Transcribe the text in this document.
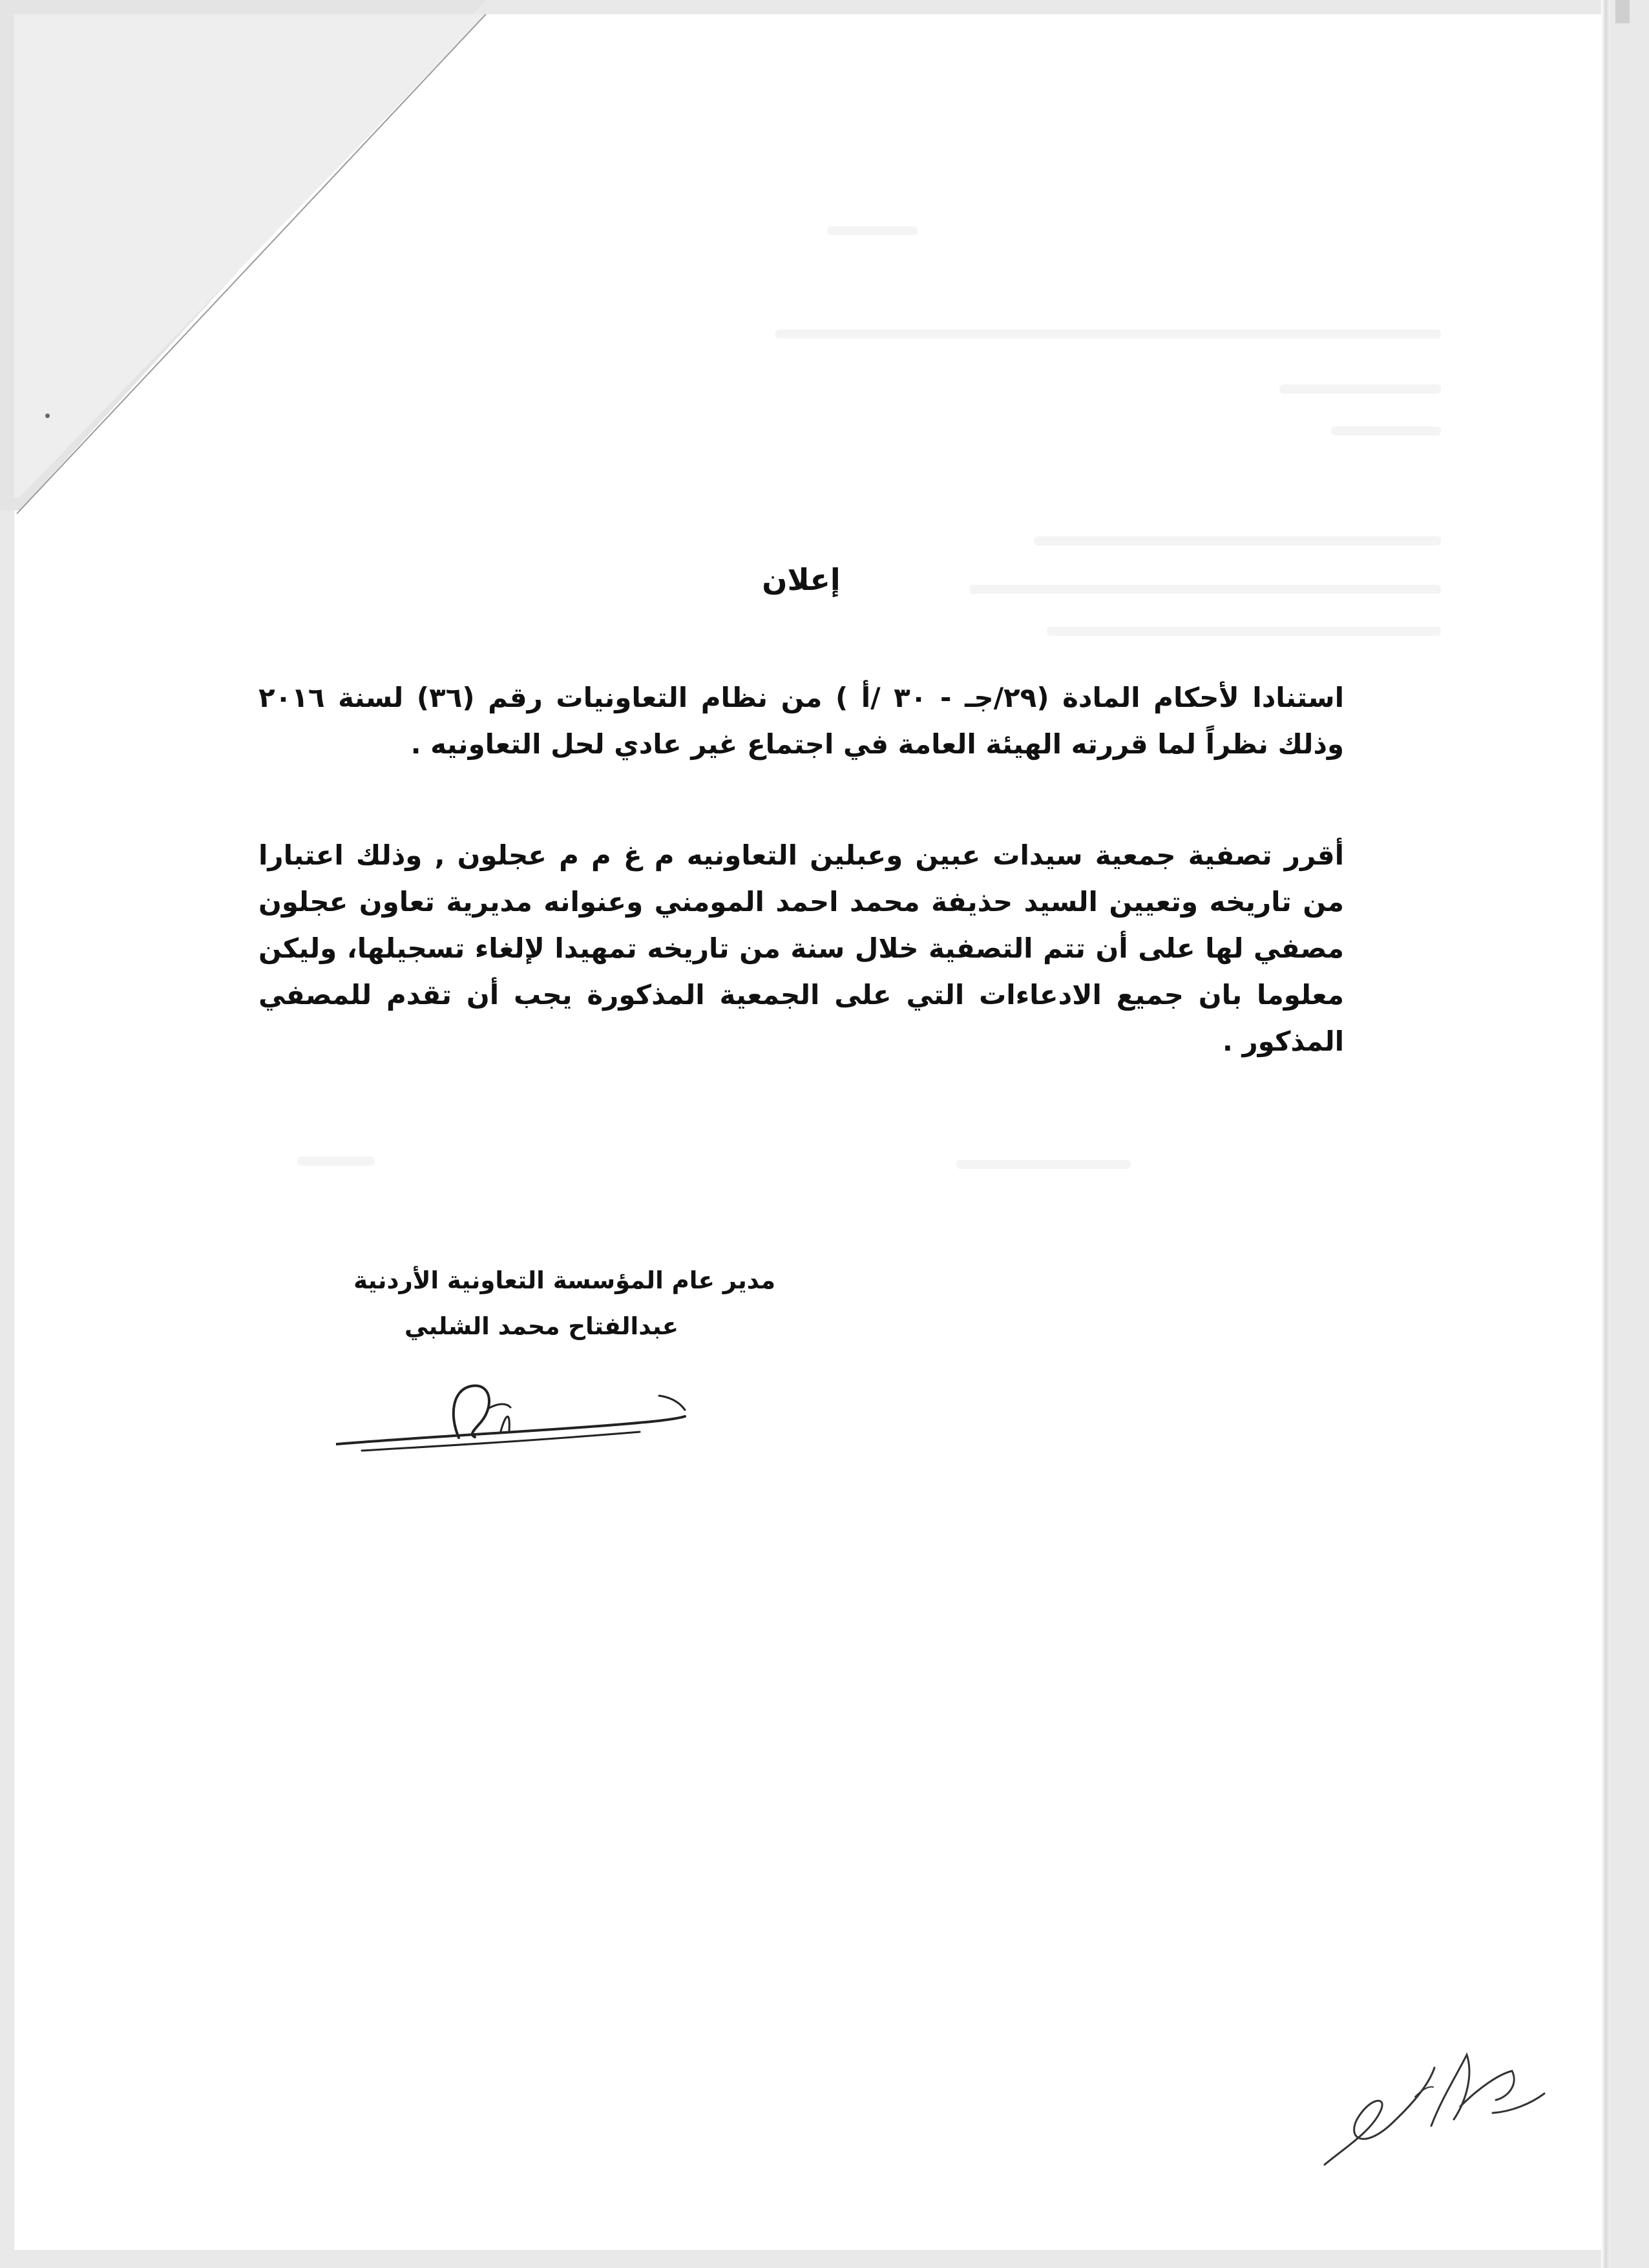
إعلان

استنادا لأحكام المادة (٢٩/جـ - ٣٠ /أ ) من نظام التعاونيات رقم (٣٦) لسنة ٢٠١٦ وذلك نظراً لما قررته الهيئة العامة في اجتماع غير عادي لحل التعاونيه .

أقرر تصفية جمعية سيدات عبين وعبلين التعاونيه م غ م م عجلون , وذلك اعتبارا من تاريخه وتعيين السيد حذيفة محمد احمد المومني وعنوانه مديرية تعاون عجلون مصفي لها على أن تتم التصفية خلال سنة من تاريخه تمهيدا لإلغاء تسجيلها، وليكن معلوما بان جميع الادعاءات التي على الجمعية المذكورة يجب أن تقدم للمصفي المذكور .

مدير عام المؤسسة التعاونية الأردنية

عبدالفتاح محمد الشلبي
